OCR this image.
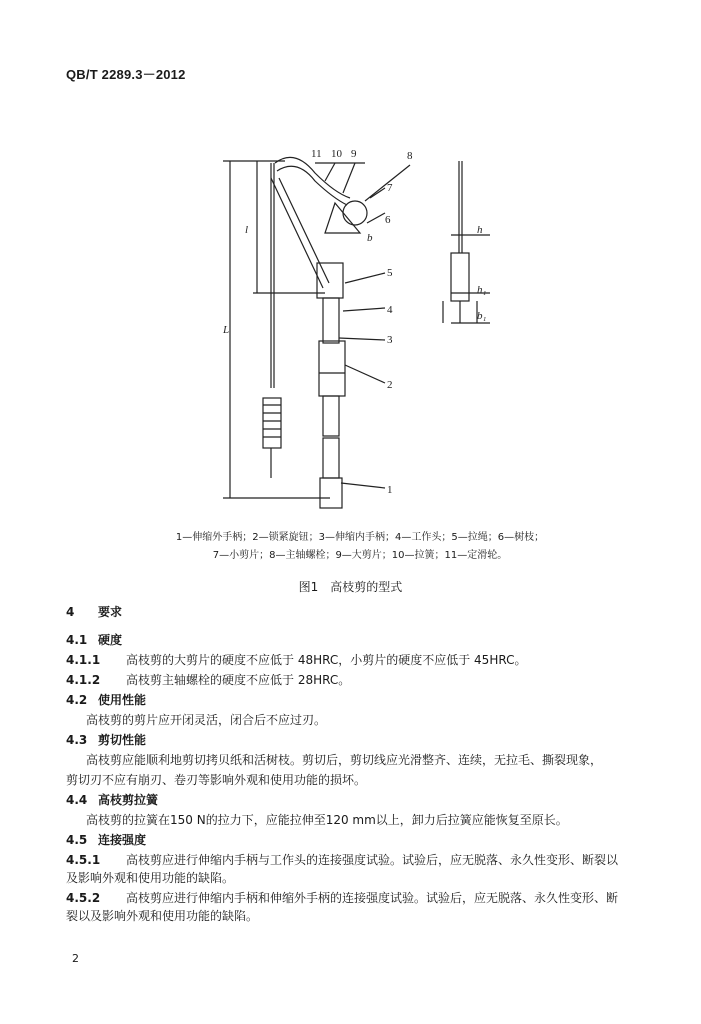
QB/T 2289.3－2012
11 10 9	8
7
6
5
4
3
2
1
L
l
b
h
h₁
b₁
1—伸缩外手柄；2—锁紧旋钮；3—伸缩内手柄；4—工作头；5—拉绳；6—树枝；
7—小剪片；8—主轴螺栓；9—大剪片；10—拉簧；11—定滑轮。
图1　高枝剪的型式
4 要求
4.1 硬度
4.1.1 高枝剪的大剪片的硬度不应低于 48HRC，小剪片的硬度不应低于 45HRC。
4.1.2 高枝剪主轴螺栓的硬度不应低于 28HRC。
4.2 使用性能
高枝剪的剪片应开闭灵活，闭合后不应过刃。
4.3 剪切性能
高枝剪应能顺利地剪切拷贝纸和活树枝。剪切后，剪切线应光滑整齐、连续，无拉毛、撕裂现象，
剪切刃不应有崩刃、卷刃等影响外观和使用功能的损坏。
4.4 高枝剪拉簧
高枝剪的拉簧在150 N的拉力下，应能拉伸至120 mm以上，卸力后拉簧应能恢复至原长。
4.5 连接强度
4.5.1 高枝剪应进行伸缩内手柄与工作头的连接强度试验。试验后，应无脱落、永久性变形、断裂以
及影响外观和使用功能的缺陷。
4.5.2 高枝剪应进行伸缩内手柄和伸缩外手柄的连接强度试验。试验后，应无脱落、永久性变形、断
裂以及影响外观和使用功能的缺陷。
2
